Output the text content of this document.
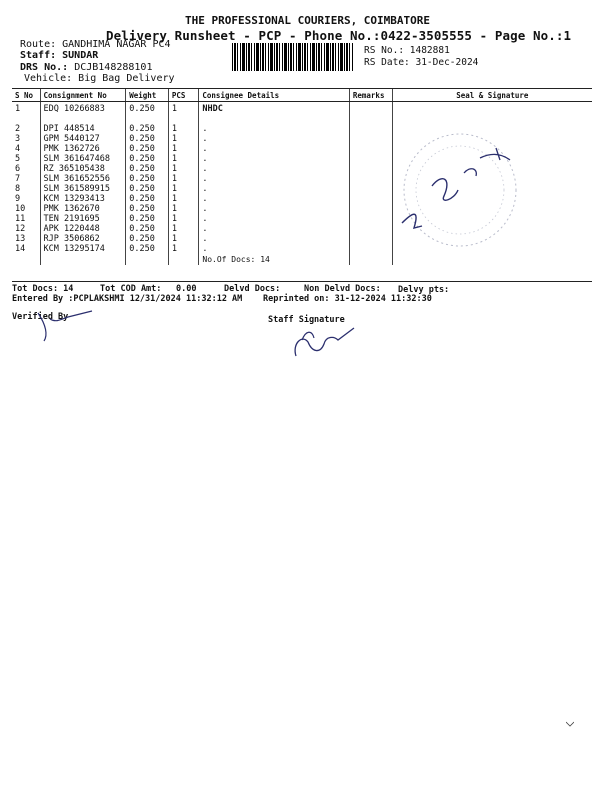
THE PROFESSIONAL COURIERS, COIMBATORE
Delivery Runsheet - PCP - Phone No.:0422-3505555 - Page No.:1
Route: GANDHIMA NAGAR PC4
Staff: SUNDAR
DRS No.: DCJB148288101
Vehicle: Big Bag Delivery
RS No.: 1482881
RS Date: 31-Dec-2024
S No	Consignment No	Weight	PCS	Consignee Details	Remarks	Seal & Signature
1	EDQ 10266883	0.250	1	NHDC		

2	DPI 448514	0.250	1	.		
3	GPM 5440127	0.250	1	.		
4	PMK 1362726	0.250	1	.		
5	SLM 361647468	0.250	1	.		
6	RZ 365105438	0.250	1	.		
7	SLM 361652556	0.250	1	.		
8	SLM 361589915	0.250	1	.		
9	KCM 13293413	0.250	1	.		
10	PMK 1362670	0.250	1	.		
11	TEN 2191695	0.250	1	.		
12	APK 1220448	0.250	1	.		
13	RJP 3506862	0.250	1	.		
14	KCM 13295174	0.250	1	.		
				No.Of Docs: 14		
Tot Docs: 14	Tot COD Amt: 0.00	Delvd Docs:	Non Delvd Docs: Delvy pts:
Entered By :PCPLAKSHMI 12/31/2024 11:32:12 AM Reprinted on: 31-12-2024 11:32:30
Verified By	Staff Signature
